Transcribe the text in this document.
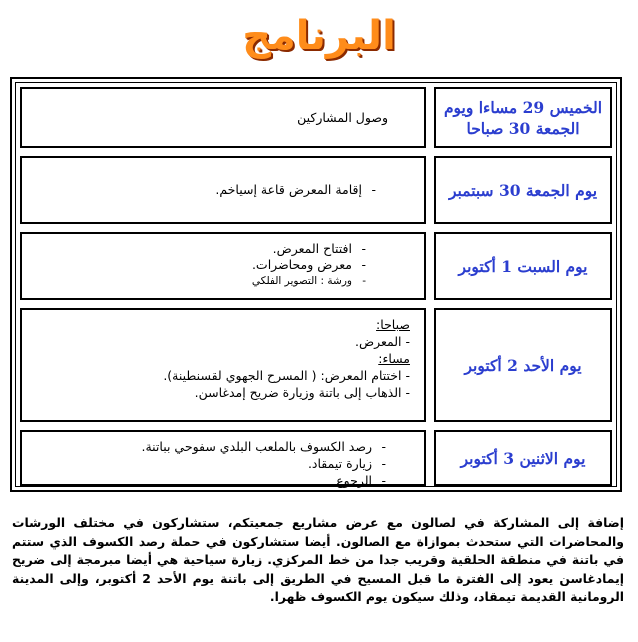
البرنامج
الخميس 29 مساءا ويوم الجمعة 30 صباحا
وصول المشاركين
يوم الجمعة 30 سبتمبر
- إقامة المعرض قاعة إسياخم.
يوم السبت 1 أكتوبر
- افتتاح المعرض.
- معرض ومحاضرات.
- ورشة : التصوير الفلكي
يوم الأحد 2 أكتوبر
صباحا:
- المعرض.
مساء:
- اختتام المعرض: ( المسرح الجهوي لقسنطينة).
- الذهاب إلى باتنة وزيارة ضريح إمدغاسن.
يوم الاثنين 3 أكتوبر
- رصد الكسوف بالملعب البلدي سفوحي بباتنة.
- زيارة تيمقاد.
- الرجوع
إضافة إلى المشاركة في لصالون مع عرض مشاريع جمعيتكم، ستشاركون في مختلف الورشات والمحاضرات التي ستحدث بموازاة مع الصالون. أيضا ستشاركون في حملة رصد الكسوف الذي ستتم في باتنة في منطقة الحلقية وقريب جدا من خط المركزي. زيارة سياحية هي أيضا مبرمجة إلى ضريح إيمادغاسن يعود إلى الفترة ما قبل المسيح في الطريق إلى باتنة يوم الأحد 2 أكتوبر، وإلى المدينة الرومانية القديمة تيمقاد، وذلك سيكون يوم الكسوف ظهرا.
